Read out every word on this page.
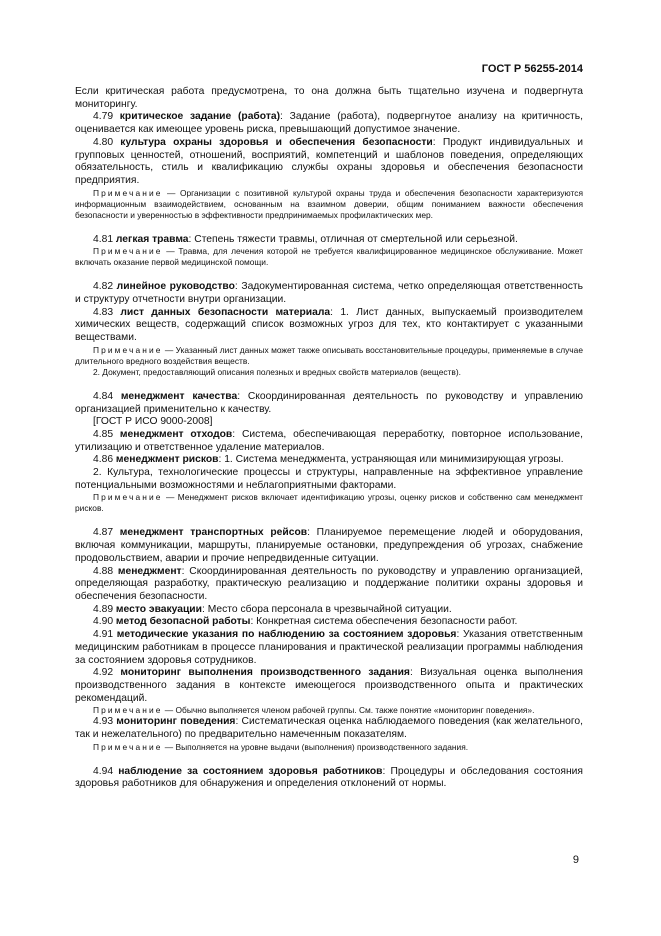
ГОСТ Р 56255-2014

Если критическая работа предусмотрена, то она должна быть тщательно изучена и подвергнута мониторингу.

4.79 критическое задание (работа): Задание (работа), подвергнутое анализу на критичность, оценивается как имеющее уровень риска, превышающий допустимое значение.

4.80 культура охраны здоровья и обеспечения безопасности: Продукт индивидуальных и групповых ценностей, отношений, восприятий, компетенций и шаблонов поведения, определяющих обязательность, стиль и квалификацию службы охраны здоровья и обеспечения безопасности предприятия.

Примечание — Организации с позитивной культурой охраны труда и обеспечения безопасности характеризуются информационным взаимодействием, основанным на взаимном доверии, общим пониманием важности обеспечения безопасности и уверенностью в эффективности предпринимаемых профилактических мер.

4.81 легкая травма: Степень тяжести травмы, отличная от смертельной или серьезной.

Примечание — Травма, для лечения которой не требуется квалифицированное медицинское обслуживание. Может включать оказание первой медицинской помощи.

4.82 линейное руководство: Задокументированная система, четко определяющая ответственность и структуру отчетности внутри организации.

4.83 лист данных безопасности материала: 1. Лист данных, выпускаемый производителем химических веществ, содержащий список возможных угроз для тех, кто контактирует с указанными веществами.

Примечание — Указанный лист данных может также описывать восстановительные процедуры, применяемые в случае длительного вредного воздействия веществ.

2. Документ, предоставляющий описания полезных и вредных свойств материалов (веществ).

4.84 менеджмент качества: Скоординированная деятельность по руководству и управлению организацией применительно к качеству.

[ГОСТ Р ИСО 9000-2008]

4.85 менеджмент отходов: Система, обеспечивающая переработку, повторное использование, утилизацию и ответственное удаление материалов.

4.86 менеджмент рисков: 1. Система менеджмента, устраняющая или минимизирующая угрозы.

2. Культура, технологические процессы и структуры, направленные на эффективное управление потенциальными возможностями и неблагоприятными факторами.

Примечание — Менеджмент рисков включает идентификацию угрозы, оценку рисков и собственно сам менеджмент рисков.

4.87 менеджмент транспортных рейсов: Планируемое перемещение людей и оборудования, включая коммуникации, маршруты, планируемые остановки, предупреждения об угрозах, снабжение продовольствием, аварии и прочие непредвиденные ситуации.

4.88 менеджмент: Скоординированная деятельность по руководству и управлению организацией, определяющая разработку, практическую реализацию и поддержание политики охраны здоровья и обеспечения безопасности.

4.89 место эвакуации: Место сбора персонала в чрезвычайной ситуации.

4.90 метод безопасной работы: Конкретная система обеспечения безопасности работ.

4.91 методические указания по наблюдению за состоянием здоровья: Указания ответственным медицинским работникам в процессе планирования и практической реализации программы наблюдения за состоянием здоровья сотрудников.

4.92 мониторинг выполнения производственного задания: Визуальная оценка выполнения производственного задания в контексте имеющегося производственного опыта и практических рекомендаций.

Примечание — Обычно выполняется членом рабочей группы. См. также понятие «мониторинг поведения».

4.93 мониторинг поведения: Систематическая оценка наблюдаемого поведения (как желательного, так и нежелательного) по предварительно намеченным показателям.

Примечание — Выполняется на уровне выдачи (выполнения) производственного задания.

4.94 наблюдение за состоянием здоровья работников: Процедуры и обследования состояния здоровья работников для обнаружения и определения отклонений от нормы.

9
